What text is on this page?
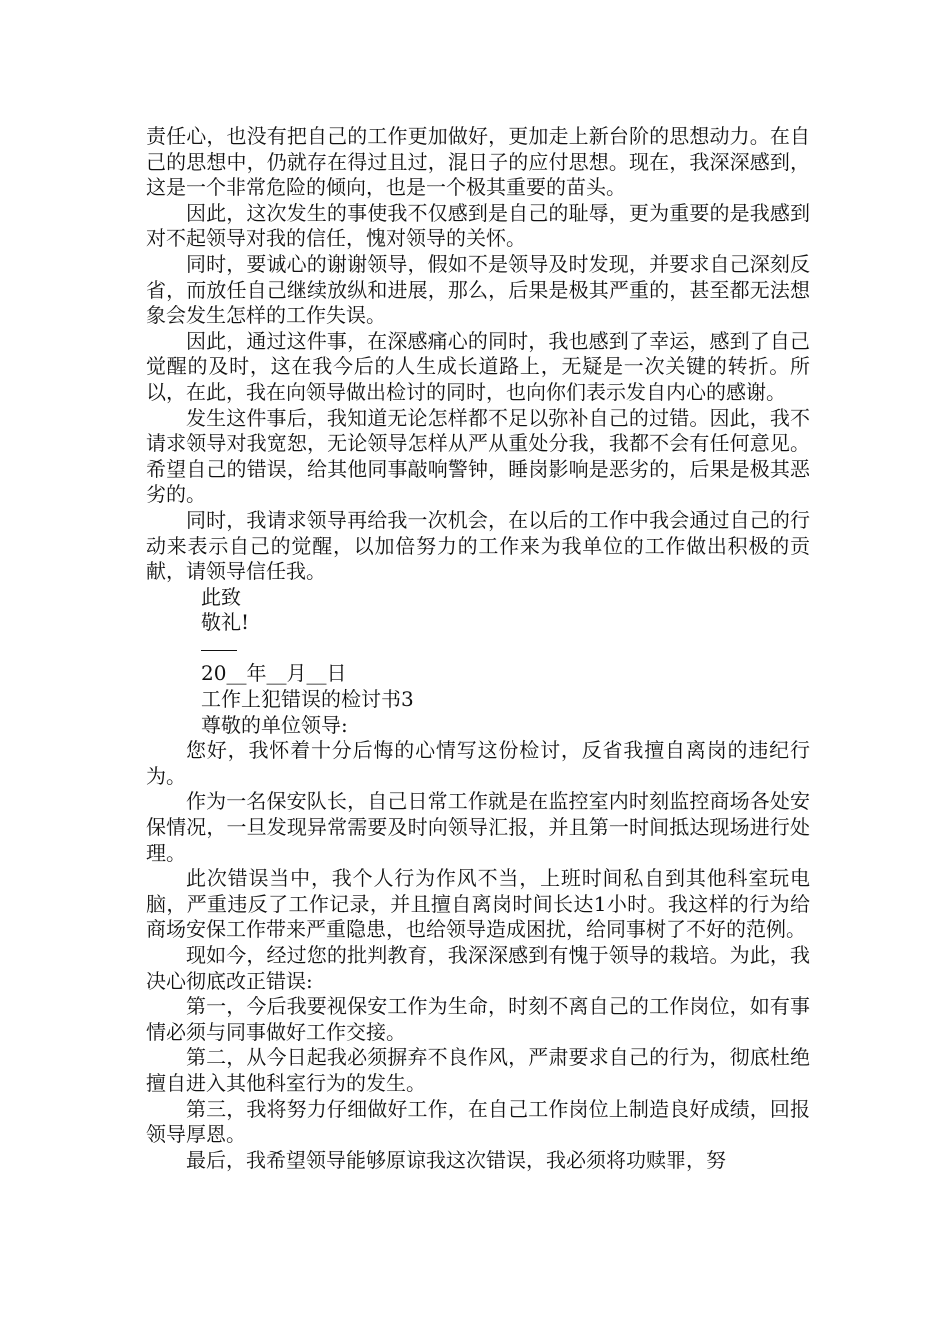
责任心，也没有把自己的工作更加做好，更加走上新台阶的思想动力。在自己的思想中，仍就存在得过且过，混日子的应付思想。现在，我深深感到，这是一个非常危险的倾向，也是一个极其重要的苗头。

因此，这次发生的事使我不仅感到是自己的耻辱，更为重要的是我感到对不起领导对我的信任，愧对领导的关怀。

同时，要诚心的谢谢领导，假如不是领导及时发现，并要求自己深刻反省，而放任自己继续放纵和进展，那么，后果是极其严重的，甚至都无法想象会发生怎样的工作失误。

因此，通过这件事，在深感痛心的同时，我也感到了幸运，感到了自己觉醒的及时，这在我今后的人生成长道路上，无疑是一次关键的转折。所以，在此，我在向领导做出检讨的同时，也向你们表示发自内心的感谢。

发生这件事后，我知道无论怎样都不足以弥补自己的过错。因此，我不请求领导对我宽恕，无论领导怎样从严从重处分我，我都不会有任何意见。希望自己的错误，给其他同事敲响警钟，睡岗影响是恶劣的，后果是极其恶劣的。

同时，我请求领导再给我一次机会，在以后的工作中我会通过自己的行动来表示自己的觉醒，以加倍努力的工作来为我单位的工作做出积极的贡献，请领导信任我。

此致

敬礼!

20__年__月__日

工作上犯错误的检讨书3

尊敬的单位领导:

您好，我怀着十分后悔的心情写这份检讨，反省我擅自离岗的违纪行为。

作为一名保安队长，自己日常工作就是在监控室内时刻监控商场各处安保情况，一旦发现异常需要及时向领导汇报，并且第一时间抵达现场进行处理。

此次错误当中，我个人行为作风不当，上班时间私自到其他科室玩电脑，严重违反了工作记录，并且擅自离岗时间长达1小时。我这样的行为给商场安保工作带来严重隐患，也给领导造成困扰，给同事树了不好的范例。

现如今，经过您的批判教育，我深深感到有愧于领导的栽培。为此，我决心彻底改正错误:

第一，今后我要视保安工作为生命，时刻不离自己的工作岗位，如有事情必须与同事做好工作交接。

第二，从今日起我必须摒弃不良作风，严肃要求自己的行为，彻底杜绝擅自进入其他科室行为的发生。

第三，我将努力仔细做好工作，在自己工作岗位上制造良好成绩，回报领导厚恩。

最后，我希望领导能够原谅我这次错误，我必须将功赎罪，努
